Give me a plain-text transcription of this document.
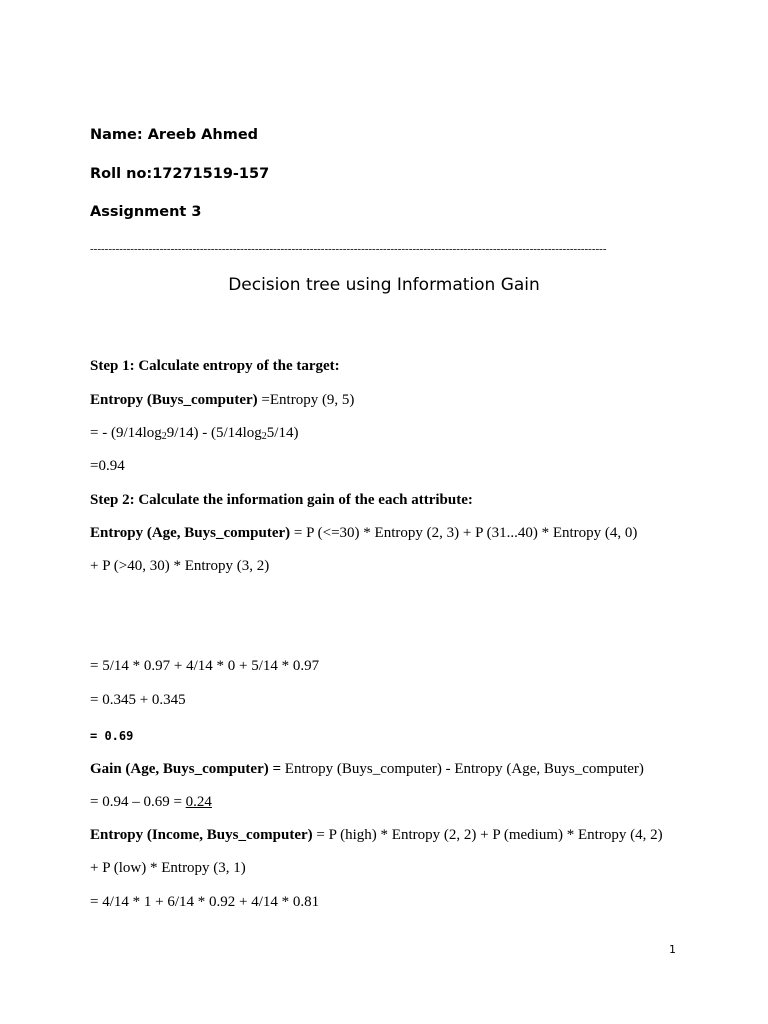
Name: Areeb Ahmed
Roll no:17271519-157
Assignment 3
---------------------------------------------------------------------------------------------------------------------------------------------
Decision tree using Information Gain
Step 1: Calculate entropy of the target:
Entropy (Buys_computer) =Entropy (9, 5)
= - $(9/14\log_29/14) - (5/14\log_25/14)$
=0.94
Step 2: Calculate the information gain of the each attribute:
Entropy (Age, Buys_computer) = P (<=30) * Entropy (2, 3) + P (31...40) * Entropy (4, 0)
+ P (>40, 30) * Entropy (3, 2)
= 5/14 * 0.97 + 4/14 * 0 + 5/14 * 0.97
= 0.345 + 0.345
= 0.69
Gain (Age, Buys_computer) = Entropy (Buys_computer) - Entropy (Age, Buys_computer)
= 0.94 – 0.69 = 0.24
Entropy (Income, Buys_computer) = P (high) * Entropy (2, 2) + P (medium) * Entropy (4, 2)
+ P (low) * Entropy (3, 1)
= 4/14 * 1 + 6/14 * 0.92 + 4/14 * 0.81
1
